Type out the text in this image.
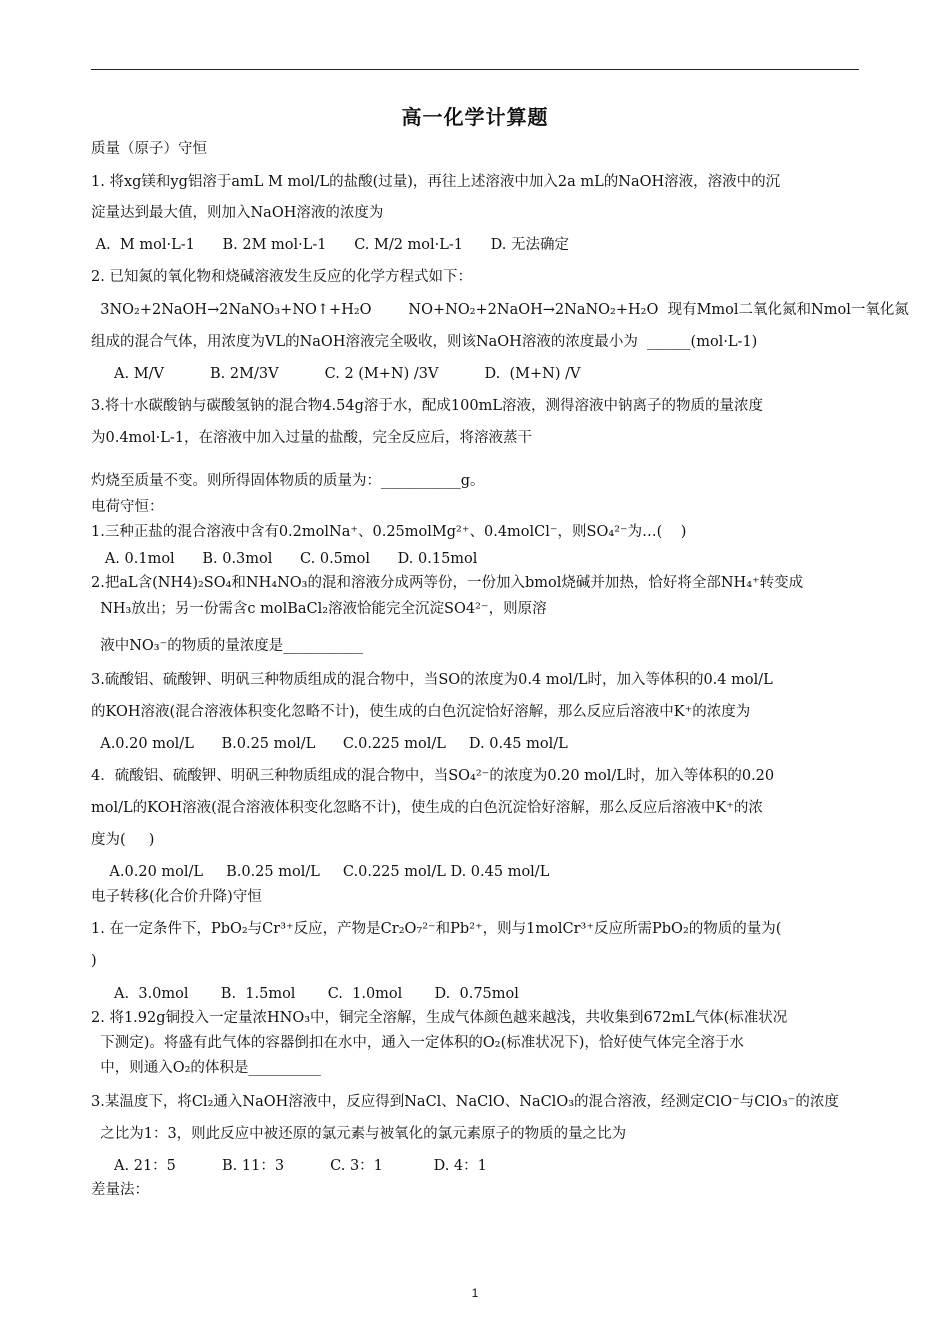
高一化学计算题
质量（原子）守恒
1. 将xg镁和yg铝溶于amL M mol/L的盐酸(过量)，再往上述溶液中加入2a mL的NaOH溶液，溶液中的沉
淀量达到最大值，则加入NaOH溶液的浓度为
A.  M mol·L-1      B. 2M mol·L-1      C. M/2 mol·L-1      D. 无法确定
2. 已知氮的氧化物和烧碱溶液发生反应的化学方程式如下：
3NO₂+2NaOH→2NaNO₃+NO↑+H₂O        NO+NO₂+2NaOH→2NaNO₂+H₂O  现有Mmol二氧化氮和Nmol一氧化氮
组成的混合气体，用浓度为VL的NaOH溶液完全吸收，则该NaOH溶液的浓度最小为  ______(mol·L-1)
A. M/V          B. 2M/3V          C. 2 (M+N) /3V          D.  (M+N) /V
3.将十水碳酸钠与碳酸氢钠的混合物4.54g溶于水，配成100mL溶液，测得溶液中钠离子的物质的量浓度
为0.4mol·L-1，在溶液中加入过量的盐酸，完全反应后，将溶液蒸干
灼烧至质量不变。则所得固体物质的质量为：___________g。
电荷守恒：
1.三种正盐的混合溶液中含有0.2molNa⁺、0.25molMg²⁺、0.4molCl⁻，则SO₄²⁻为…(    )
A. 0.1mol      B. 0.3mol      C. 0.5mol      D. 0.15mol
2.把aL含(NH4)₂SO₄和NH₄NO₃的混和溶液分成两等份，一份加入bmol烧碱并加热，恰好将全部NH₄⁺转变成
NH₃放出；另一份需含c molBaCl₂溶液恰能完全沉淀SO4²⁻，则原溶
液中NO₃⁻的物质的量浓度是___________
3.硫酸铝、硫酸钾、明矾三种物质组成的混合物中，当SO的浓度为0.4 mol/L时，加入等体积的0.4 mol/L
的KOH溶液(混合溶液体积变化忽略不计)，使生成的白色沉淀恰好溶解，那么反应后溶液中K⁺的浓度为
A.0.20 mol/L      B.0.25 mol/L      C.0.225 mol/L     D. 0.45 mol/L
4．硫酸铝、硫酸钾、明矾三种物质组成的混合物中，当SO₄²⁻的浓度为0.20 mol/L时，加入等体积的0.20
mol/L的KOH溶液(混合溶液体积变化忽略不计)，使生成的白色沉淀恰好溶解，那么反应后溶液中K⁺的浓
度为(     )
A.0.20 mol/L     B.0.25 mol/L     C.0.225 mol/L D. 0.45 mol/L
电子转移(化合价升降)守恒
1. 在一定条件下，PbO₂与Cr³⁺反应，产物是Cr₂O₇²⁻和Pb²⁺，则与1molCr³⁺反应所需PbO₂的物质的量为(
)
A.  3.0mol       B.  1.5mol       C.  1.0mol       D.  0.75mol
2. 将1.92g铜投入一定量浓HNO₃中，铜完全溶解，生成气体颜色越来越浅，共收集到672mL气体(标准状况
下测定)。将盛有此气体的容器倒扣在水中，通入一定体积的O₂(标准状况下)，恰好使气体完全溶于水
中，则通入O₂的体积是__________
3.某温度下，将Cl₂通入NaOH溶液中，反应得到NaCl、NaClO、NaClO₃的混合溶液，经测定ClO⁻与ClO₃⁻的浓度
之比为1：3，则此反应中被还原的氯元素与被氧化的氯元素原子的物质的量之比为
A. 21：5          B. 11：3          C. 3：1           D. 4：1
差量法：
1
